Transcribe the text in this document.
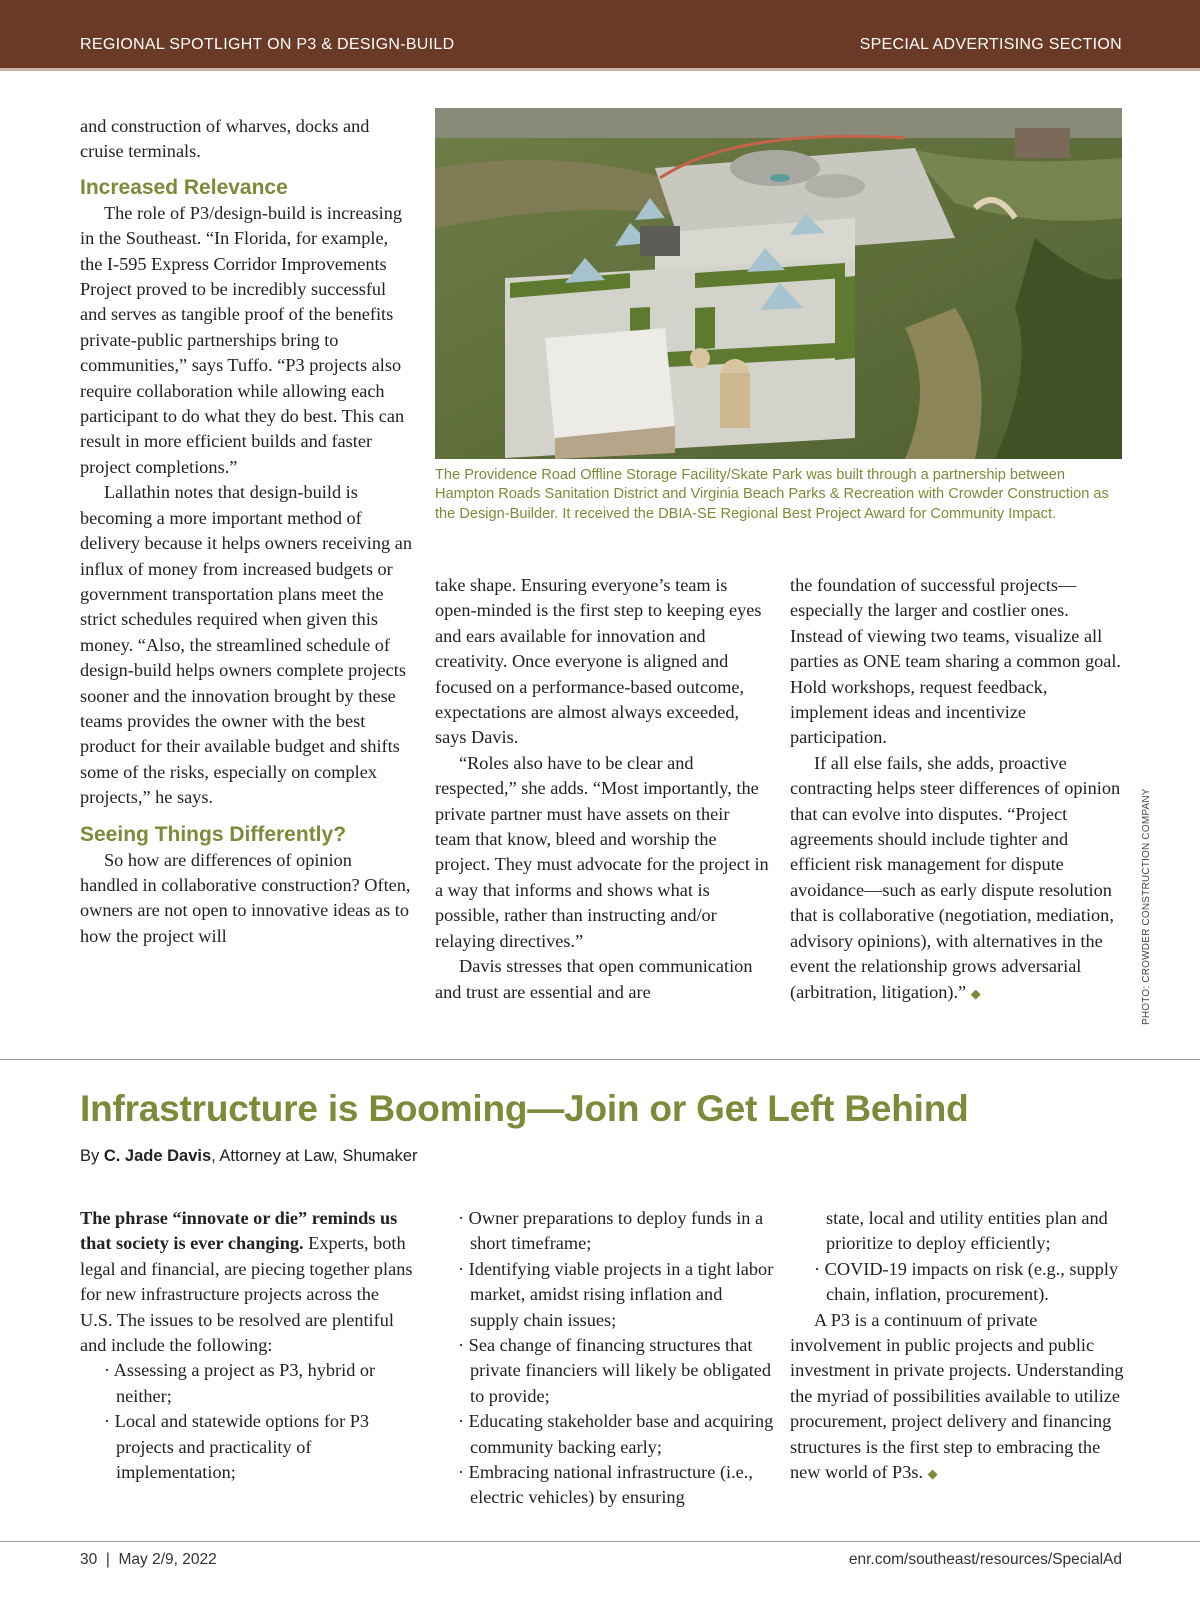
REGIONAL SPOTLIGHT ON P3 & DESIGN-BUILD	SPECIAL ADVERTISING SECTION

and construction of wharves, docks and cruise terminals.

Increased Relevance

The role of P3/design-build is increasing in the Southeast. “In Florida, for example, the I-595 Express Corridor Improvements Project proved to be incredibly successful and serves as tangible proof of the benefits private-public partnerships bring to communities,” says Tuffo. “P3 projects also require collaboration while allowing each participant to do what they do best. This can result in more efficient builds and faster project completions.”

Lallathin notes that design-build is becoming a more important method of delivery because it helps owners receiving an influx of money from increased budgets or government transportation plans meet the strict schedules required when given this money. “Also, the streamlined schedule of design-build helps owners complete projects sooner and the innovation brought by these teams provides the owner with the best product for their available budget and shifts some of the risks, especially on complex projects,” he says.

Seeing Things Differently?

So how are differences of opinion handled in collaborative construction? Often, owners are not open to innovative ideas as to how the project will

The Providence Road Offline Storage Facility/Skate Park was built through a partnership between Hampton Roads Sanitation District and Virginia Beach Parks & Recreation with Crowder Construction as the Design-Builder. It received the DBIA-SE Regional Best Project Award for Community Impact.

take shape. Ensuring everyone’s team is open-minded is the first step to keeping eyes and ears available for innovation and creativity. Once everyone is aligned and focused on a performance-based outcome, expectations are almost always exceeded, says Davis.

“Roles also have to be clear and respected,” she adds. “Most importantly, the private partner must have assets on their team that know, bleed and worship the project. They must advocate for the project in a way that informs and shows what is possible, rather than instructing and/or relaying directives.”

Davis stresses that open communication and trust are essential and are

the foundation of successful projects—especially the larger and costlier ones. Instead of viewing two teams, visualize all parties as ONE team sharing a common goal. Hold workshops, request feedback, implement ideas and incentivize participation.

If all else fails, she adds, proactive contracting helps steer differences of opinion that can evolve into disputes. “Project agreements should include tighter and efficient risk management for dispute avoidance—such as early dispute resolution that is collaborative (negotiation, mediation, advisory opinions), with alternatives in the event the relationship grows adversarial (arbitration, litigation).” ◆	PHOTO: CROWDER CONSTRUCTION COMPANY
Infrastructure is Booming—Join or Get Left Behind
By C. Jade Davis, Attorney at Law, Shumaker

The phrase “innovate or die” reminds us that society is ever changing. Experts, both legal and financial, are piecing together plans for new infrastructure projects across the U.S. The issues to be resolved are plentiful and include the following:

· Assessing a project as P3, hybrid or neither;

· Local and statewide options for P3 projects and practicality of implementation;

· Owner preparations to deploy funds in a short timeframe;

· Identifying viable projects in a tight labor market, amidst rising inflation and supply chain issues;

· Sea change of financing structures that private financiers will likely be obligated to provide;

· Educating stakeholder base and acquiring community backing early;

· Embracing national infrastructure (i.e., electric vehicles) by ensuring

state, local and utility entities plan and prioritize to deploy efficiently;

· COVID-19 impacts on risk (e.g., supply chain, inflation, procurement).

A P3 is a continuum of private involvement in public projects and public investment in private projects. Understanding the myriad of possibilities available to utilize procurement, project delivery and financing structures is the first step to embracing the new world of P3s. ◆

30  |  May 2/9, 2022	enr.com/southeast/resources/SpecialAd
